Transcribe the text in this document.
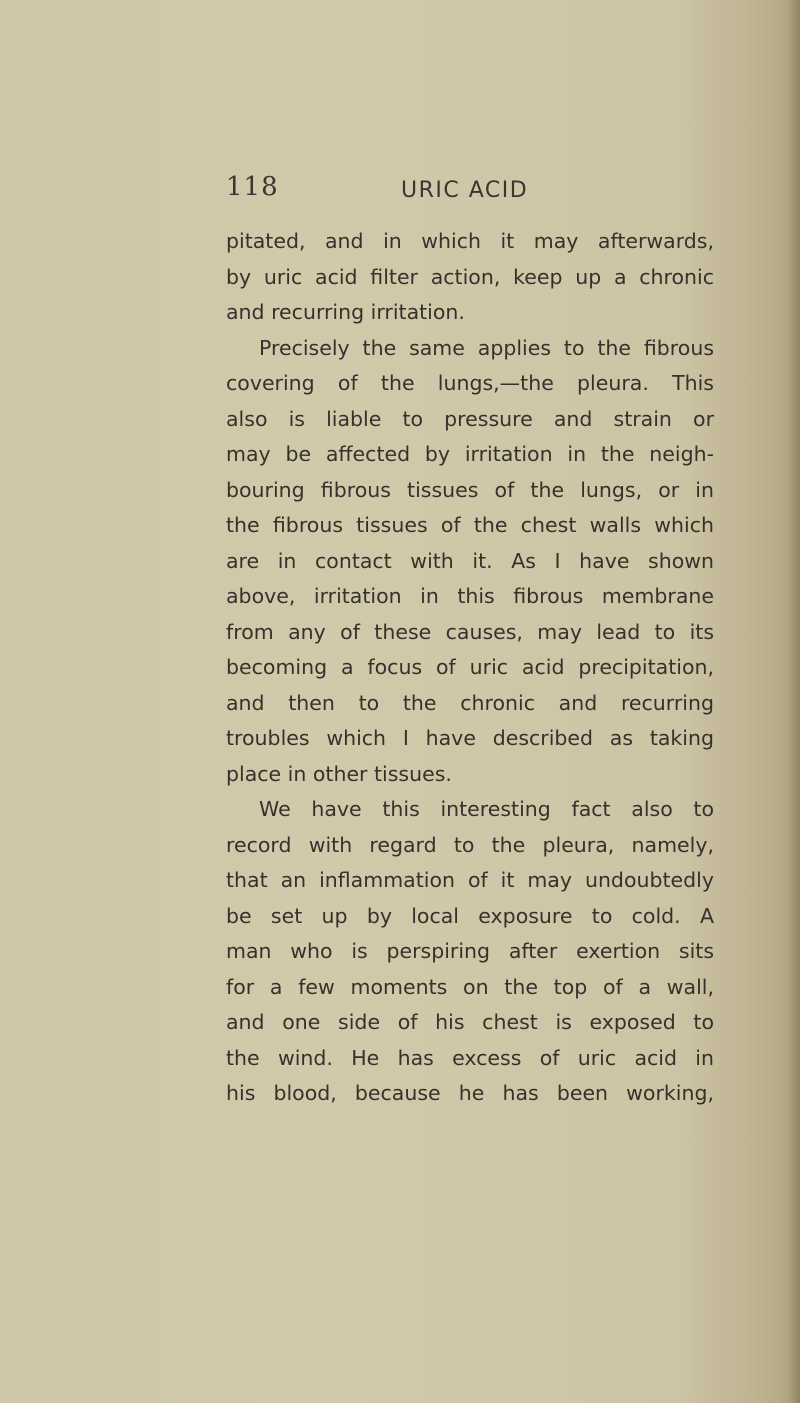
118	URIC ACID
pitated, and in which it may afterwards,
by uric acid filter action, keep up a chronic
and recurring irritation.
Precisely the same applies to the fibrous
covering of the lungs,—the pleura. This
also is liable to pressure and strain or
may be affected by irritation in the neigh-
bouring fibrous tissues of the lungs, or in
the fibrous tissues of the chest walls which
are in contact with it. As I have shown
above, irritation in this fibrous membrane
from any of these causes, may lead to its
becoming a focus of uric acid precipitation,
and then to the chronic and recurring
troubles which I have described as taking
place in other tissues.
We have this interesting fact also to
record with regard to the pleura, namely,
that an inflammation of it may undoubtedly
be set up by local exposure to cold. A
man who is perspiring after exertion sits
for a few moments on the top of a wall,
and one side of his chest is exposed to
the wind. He has excess of uric acid in
his blood, because he has been working,
